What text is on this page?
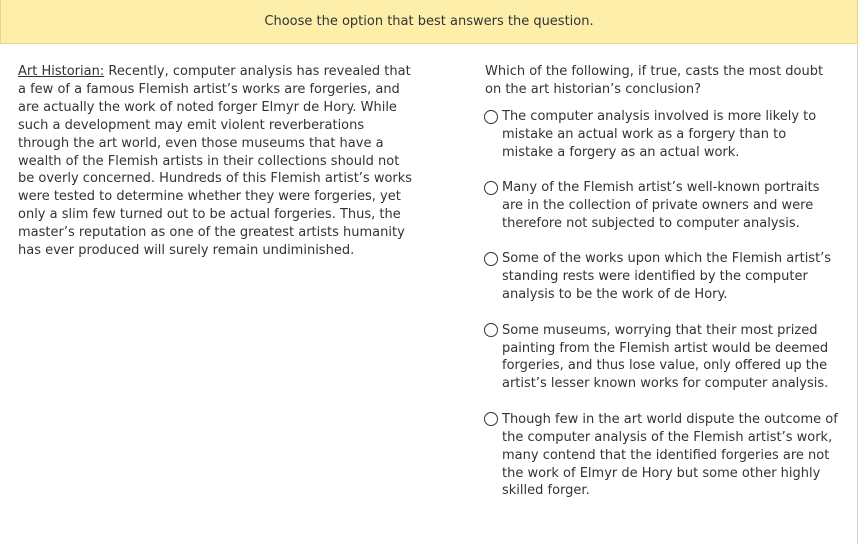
Choose the option that best answers the question.
Art Historian: Recently, computer analysis has revealed that a few of a famous Flemish artist’s works are forgeries, and are actually the work of noted forger Elmyr de Hory. While such a development may emit violent reverberations through the art world, even those museums that have a wealth of the Flemish artists in their collections should not be overly concerned. Hundreds of this Flemish artist’s works were tested to determine whether they were forgeries, yet only a slim few turned out to be actual forgeries. Thus, the master’s reputation as one of the greatest artists humanity has ever produced will surely remain undiminished.
Which of the following, if true, casts the most doubt on the art historian’s conclusion?
The computer analysis involved is more likely to mistake an actual work as a forgery than to mistake a forgery as an actual work.
Many of the Flemish artist’s well-known portraits are in the collection of private owners and were therefore not subjected to computer analysis.
Some of the works upon which the Flemish artist’s standing rests were identified by the computer analysis to be the work of de Hory.
Some museums, worrying that their most prized painting from the Flemish artist would be deemed forgeries, and thus lose value, only offered up the artist’s lesser known works for computer analysis.
Though few in the art world dispute the outcome of the computer analysis of the Flemish artist’s work, many contend that the identified forgeries are not the work of Elmyr de Hory but some other highly skilled forger.
